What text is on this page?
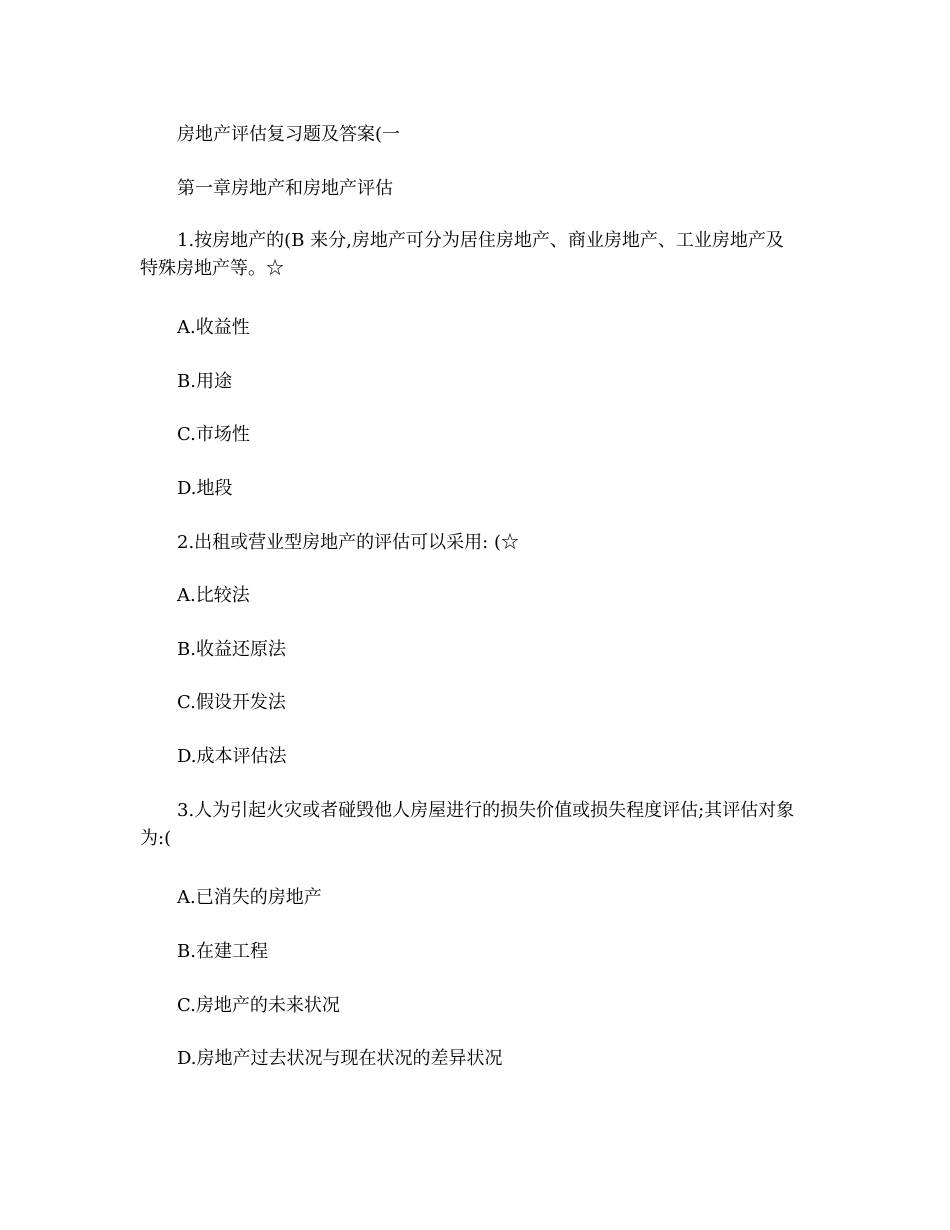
房地产评估复习题及答案(一
第一章房地产和房地产评估
1.按房地产的(B 来分,房地产可分为居住房地产、商业房地产、工业房地产及特殊房地产等。☆
A.收益性
B.用途
C.市场性
D.地段
2.出租或营业型房地产的评估可以采用: (☆
A.比较法
B.收益还原法
C.假设开发法
D.成本评估法
3.人为引起火灾或者碰毁他人房屋进行的损失价值或损失程度评估;其评估对象为:(
A.已消失的房地产
B.在建工程
C.房地产的未来状况
D.房地产过去状况与现在状况的差异状况
